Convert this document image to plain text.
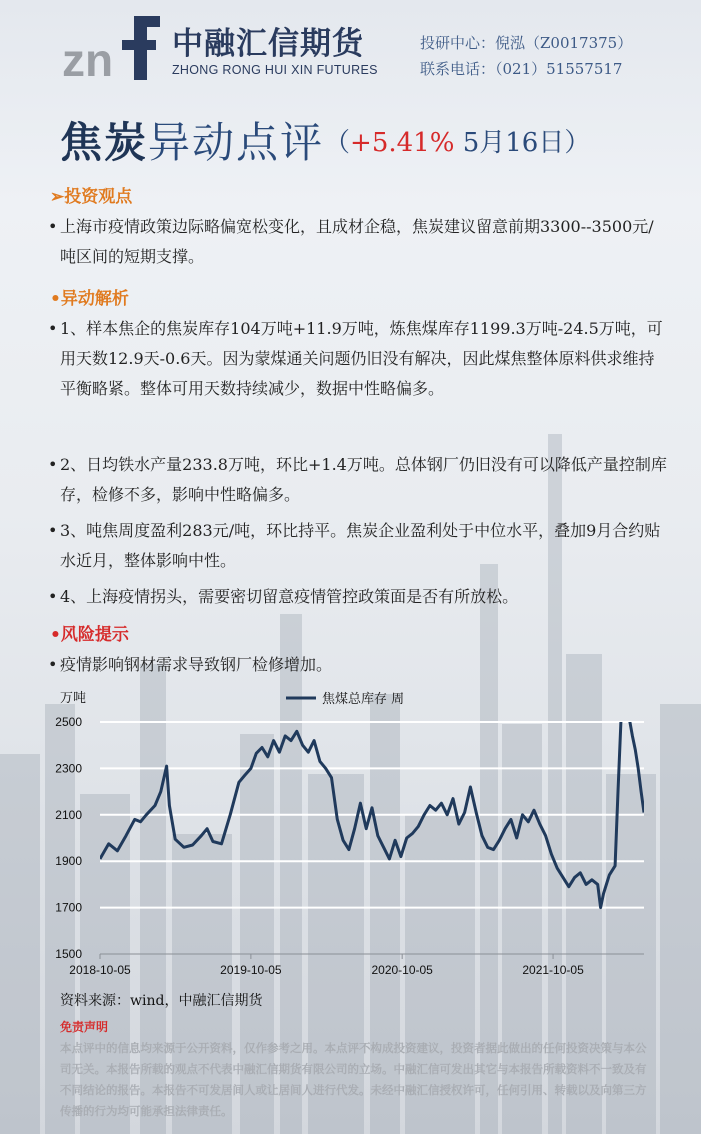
zn 中融汇信期货
ZHONG RONG HUI XIN FUTURES
投研中心：倪泓（Z0017375）
联系电话：（021）51557517
焦炭异动点评（+5.41% 5月16日）
➢投资观点
• 上海市疫情政策边际略偏宽松变化，且成材企稳，焦炭建议留意前期3300--3500元/吨区间的短期支撑。
•异动解析
• 1、样本焦企的焦炭库存104万吨+11.9万吨，炼焦煤库存1199.3万吨-24.5万吨，可用天数12.9天-0.6天。因为蒙煤通关问题仍旧没有解决，因此煤焦整体原料供求维持平衡略紧。整体可用天数持续减少，数据中性略偏多。
• 2、日均铁水产量233.8万吨，环比+1.4万吨。总体钢厂仍旧没有可以降低产量控制库存，检修不多，影响中性略偏多。
• 3、吨焦周度盈利283元/吨，环比持平。焦炭企业盈利处于中位水平，叠加9月合约贴水近月，整体影响中性。
• 4、上海疫情拐头，需要密切留意疫情管控政策面是否有所放松。
•风险提示
• 疫情影响钢材需求导致钢厂检修增加。
万吨
2500
2300
2100
1900
1700
1500
2018-10-05	2019-10-05	2020-10-05	2021-10-05
焦煤总库存 周
资料来源：wind，中融汇信期货
免责声明
本点评中的信息均来源于公开资料，仅作参考之用。本点评不构成投资建议，投资者据此做出的任何投资决策与本公司无关。本报告所载的观点不代表中融汇信期货有限公司的立场。中融汇信可发出其它与本报告所载资料不一致及有不同结论的报告。本报告不可发居间人或让居间人进行代发。未经中融汇信授权许可，任何引用、转载以及向第三方传播的行为均可能承担法律责任。
